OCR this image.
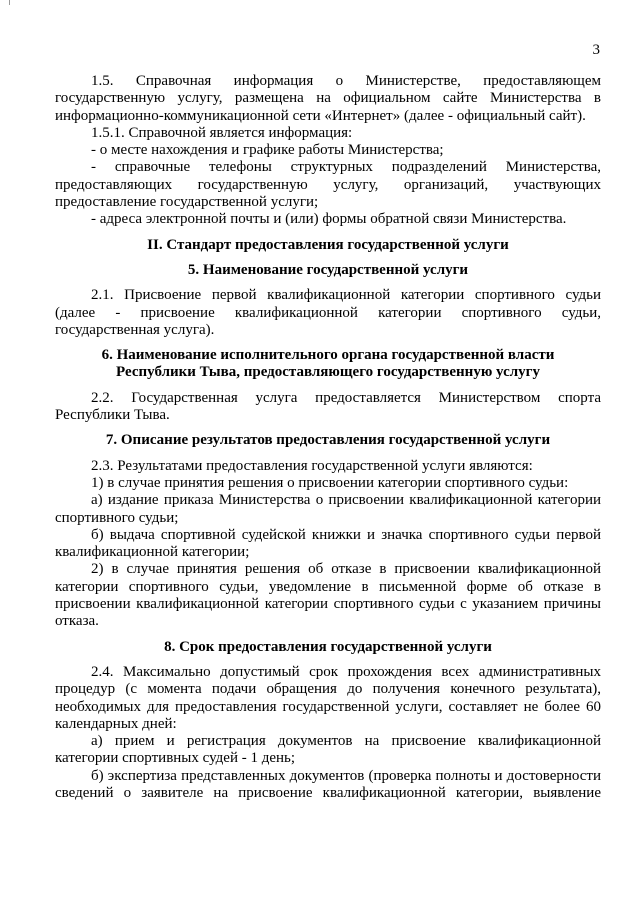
3

1.5. Справочная информация о Министерстве, предоставляющем государственную услугу, размещена на официальном сайте Министерства в информационно-коммуникационной сети «Интернет» (далее - официальный сайт).

1.5.1. Справочной является информация:

- о месте нахождения и графике работы Министерства;

- справочные телефоны структурных подразделений Министерства, предоставляющих государственную услугу, организаций, участвующих предоставление государственной услуги;

- адреса электронной почты и (или) формы обратной связи Министерства.

II. Стандарт предоставления государственной услуги

5. Наименование государственной услуги

2.1. Присвоение первой квалификационной категории спортивного судьи (далее - присвоение квалификационной категории спортивного судьи, государственная услуга).

6. Наименование исполнительного органа государственной власти

Республики Тыва, предоставляющего государственную услугу

2.2. Государственная услуга предоставляется Министерством спорта Республики Тыва.

7. Описание результатов предоставления государственной услуги

2.3. Результатами предоставления государственной услуги являются:

1) в случае принятия решения о присвоении категории спортивного судьи:

а) издание приказа Министерства о присвоении квалификационной категории спортивного судьи;

б) выдача спортивной судейской книжки и значка спортивного судьи первой квалификационной категории;

2) в случае принятия решения об отказе в присвоении квалификационной категории спортивного судьи, уведомление в письменной форме об отказе в присвоении квалификационной категории спортивного судьи с указанием причины отказа.

8. Срок предоставления государственной услуги

2.4. Максимально допустимый срок прохождения всех административных процедур (с момента подачи обращения до получения конечного результата), необходимых для предоставления государственной услуги, составляет не более 60 календарных дней:

а) прием и регистрация документов на присвоение квалификационной категории спортивных судей - 1 день;

б) экспертиза представленных документов (проверка полноты и достоверности сведений о заявителе на присвоение квалификационной категории, выявление
